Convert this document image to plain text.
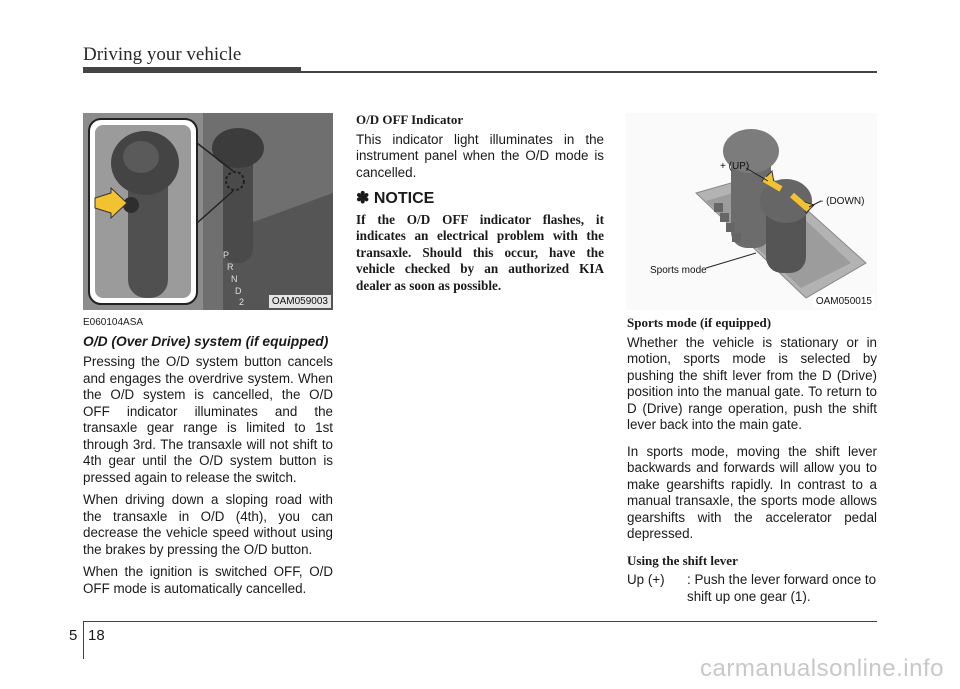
Driving your vehicle
P
R
N
D
2	OAM059003
E060104ASA
O/D (Over Drive) system (if equipped)

Pressing the O/D system button cancels and engages the overdrive system. When the O/D system is cancelled, the O/D OFF indicator illuminates and the transaxle gear range is limited to 1st through 3rd. The transaxle will not shift to 4th gear until the O/D system button is pressed again to release the switch.

When driving down a sloping road with the transaxle in O/D (4th), you can decrease the vehicle speed without using the brakes by pressing the O/D button.

When the ignition is switched OFF, O/D OFF mode is automatically cancelled.

O/D OFF Indicator

This indicator light illuminates in the instrument panel when the O/D mode is cancelled.

✽ NOTICE

If the O/D OFF indicator flashes, it indicates an electrical problem with the transaxle. Should this occur, have the vehicle checked by an authorized KIA dealer as soon as possible.

+ (UP)
- (DOWN)
Sports mode
OAM050015
Sports mode (if equipped)

Whether the vehicle is stationary or in motion, sports mode is selected by pushing the shift lever from the D (Drive) position into the manual gate. To return to D (Drive) range operation, push the shift lever back into the main gate.

In sports mode, moving the shift lever backwards and forwards will allow you to make gearshifts rapidly. In contrast to a manual transaxle, the sports mode allows gearshifts with the accelerator pedal depressed.

Using the shift lever
Up (+)	: Push the lever forward once to shift up one gear (1).
5 18
carmanualsonline.info
